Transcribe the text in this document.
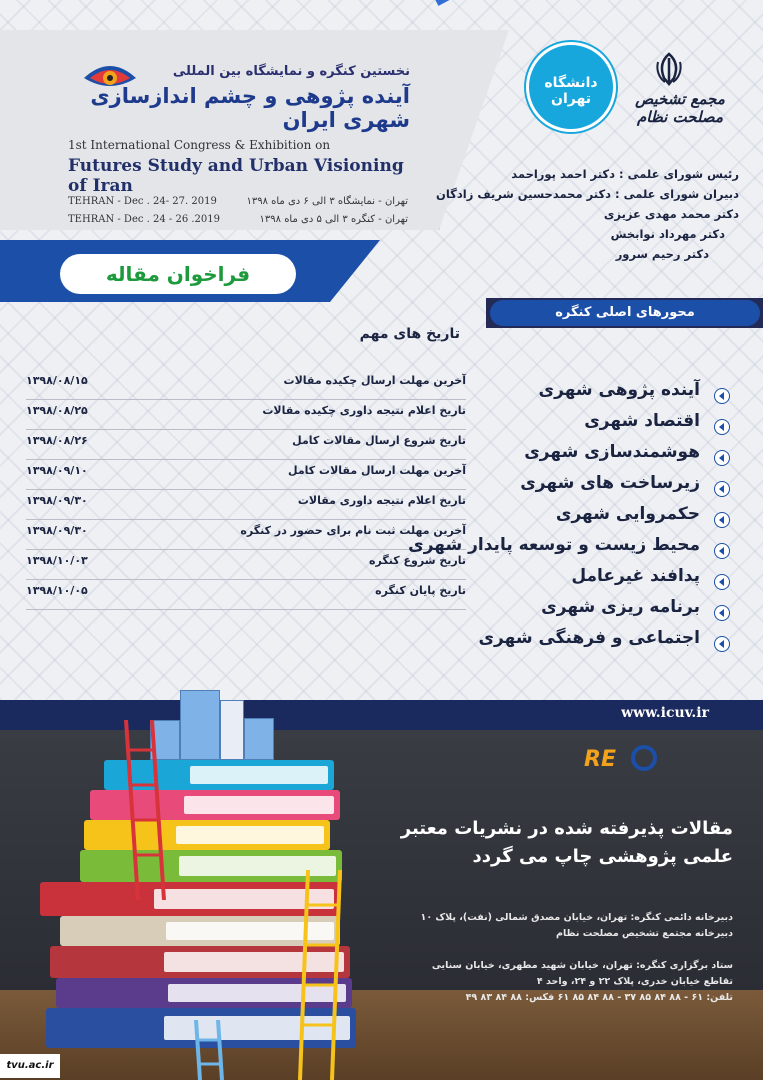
نخستین کنگره و نمایشگاه بین المللی
آینده پژوهی و چشم اندازسازی شهری ایران
1st International Congress & Exhibition on
Futures Study and Urban Visioning of Iran
TEHRAN - Dec . 24- 27. 2019	تهران - نمایشگاه ۳ الی ۶ دی ماه ۱۳۹۸
TEHRAN - Dec . 24 - 26 .2019	تهران - کنگره ۳ الی ۵ دی ماه ۱۳۹۸
مجمع تشخیص مصلحت نظام
دانشگاه تهران
رئیس شورای علمی : دکتر احمد پوراحمد
دبیران شورای علمی : دکتر محمدحسین شریف زادگان
دکتر محمد مهدی عزیزی
دکتر مهرداد نوابخش
دکتر رحیم سرور
فراخوان مقاله
محورهای اصلی کنگره
تاریخ های مهم
آخرین مهلت ارسال چکیده مقالات
۱۳۹۸/۰۸/۱۵
تاریخ اعلام نتیجه داوری چکیده مقالات
۱۳۹۸/۰۸/۲۵
تاریخ شروع ارسال مقالات کامل
۱۳۹۸/۰۸/۲۶
آخرین مهلت ارسال مقالات کامل
۱۳۹۸/۰۹/۱۰
تاریخ اعلام نتیجه داوری مقالات
۱۳۹۸/۰۹/۳۰
آخرین مهلت ثبت نام برای حضور در کنگره
۱۳۹۸/۰۹/۳۰
تاریخ شروع کنگره
۱۳۹۸/۱۰/۰۳
تاریخ پایان کنگره
۱۳۹۸/۱۰/۰۵
آینده پژوهی شهری
اقتصاد شهری
هوشمندسازی شهری
زیرساخت های شهری
حکمروایی شهری
محیط زیست و توسعه پایدار شهری
پدافند غیرعامل
برنامه ریزی شهری
اجتماعی و فرهنگی شهری
www.icuv.ir
RE
مقالات پذیرفته شده در نشریات معتبر
علمی پژوهشی چاپ می گردد
دبیرخانه دائمی کنگره: تهران، خیابان مصدق شمالی (نفت)، پلاک ۱۰
دبیرخانه مجتمع تشخیص مصلحت نظام
ستاد برگزاری کنگره: تهران، خیابان شهید مطهری، خیابان سنایی
تقاطع خیابان خدری، پلاک ۲۲ و ۲۴، واحد ۴
تلفن: ۶۱ - ۸۸ ۸۴ ۸۵ ۳۷ - ۸۸ ۸۴ ۸۵ ۶۱ فکس: ۸۸ ۸۴ ۸۳ ۴۹
tvu.ac.ir
